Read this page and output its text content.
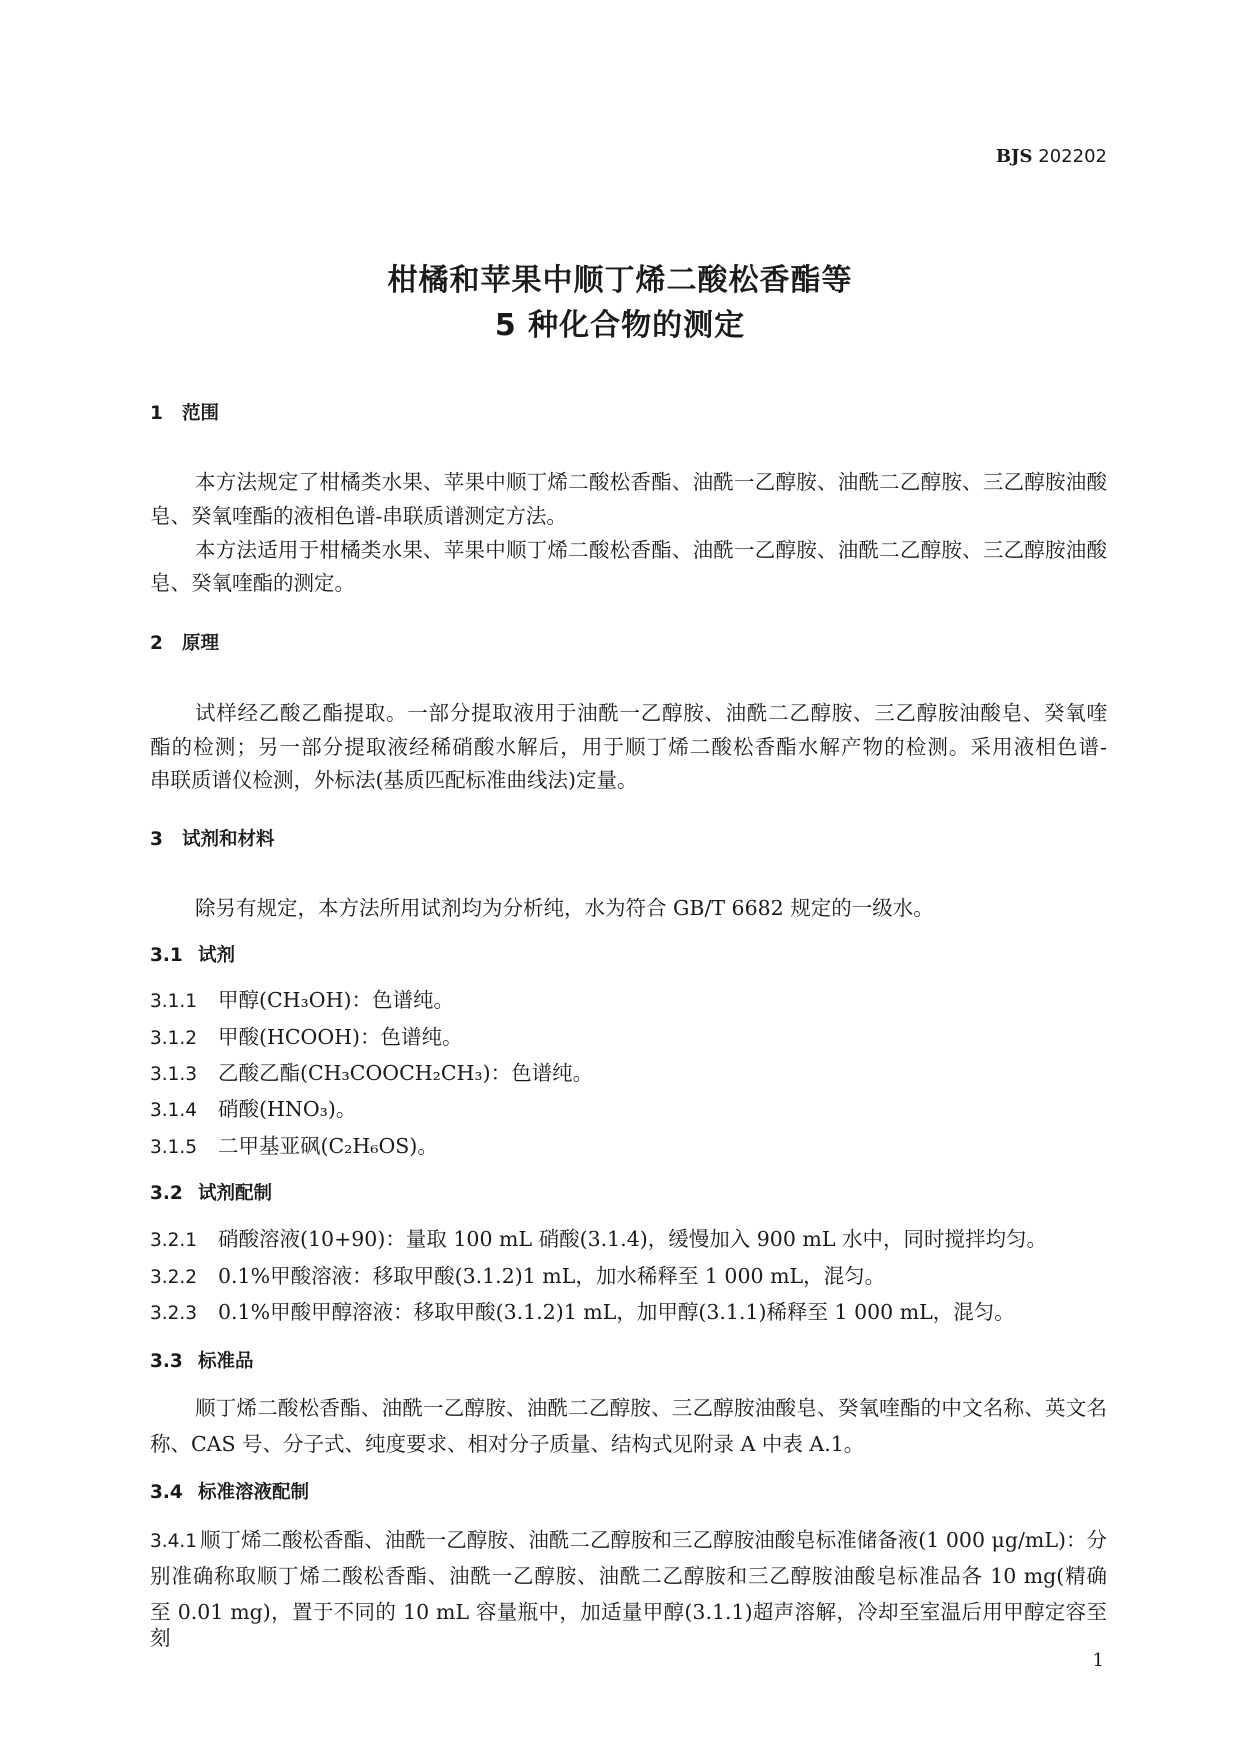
BJS 202202
柑橘和苹果中顺丁烯二酸松香酯等
5 种化合物的测定
1 范围
本方法规定了柑橘类水果、苹果中顺丁烯二酸松香酯、油酰一乙醇胺、油酰二乙醇胺、三乙醇胺油酸
皂、癸氧喹酯的液相色谱-串联质谱测定方法。
本方法适用于柑橘类水果、苹果中顺丁烯二酸松香酯、油酰一乙醇胺、油酰二乙醇胺、三乙醇胺油酸
皂、癸氧喹酯的测定。
2 原理
试样经乙酸乙酯提取。一部分提取液用于油酰一乙醇胺、油酰二乙醇胺、三乙醇胺油酸皂、癸氧喹
酯的检测；另一部分提取液经稀硝酸水解后，用于顺丁烯二酸松香酯水解产物的检测。采用液相色谱-
串联质谱仪检测，外标法(基质匹配标准曲线法)定量。
3 试剂和材料
除另有规定，本方法所用试剂均为分析纯，水为符合 GB/T 6682 规定的一级水。
3.1 试剂
3.1.1 甲醇(CH₃OH)：色谱纯。
3.1.2 甲酸(HCOOH)：色谱纯。
3.1.3 乙酸乙酯(CH₃COOCH₂CH₃)：色谱纯。
3.1.4 硝酸(HNO₃)。
3.1.5 二甲基亚砜(C₂H₆OS)。
3.2 试剂配制
3.2.1 硝酸溶液(10+90)：量取 100 mL 硝酸(3.1.4)，缓慢加入 900 mL 水中，同时搅拌均匀。
3.2.2 0.1%甲酸溶液：移取甲酸(3.1.2)1 mL，加水稀释至 1 000 mL，混匀。
3.2.3 0.1%甲酸甲醇溶液：移取甲酸(3.1.2)1 mL，加甲醇(3.1.1)稀释至 1 000 mL，混匀。
3.3 标准品
顺丁烯二酸松香酯、油酰一乙醇胺、油酰二乙醇胺、三乙醇胺油酸皂、癸氧喹酯的中文名称、英文名
称、CAS 号、分子式、纯度要求、相对分子质量、结构式见附录 A 中表 A.1。
3.4 标准溶液配制
3.4.1 顺丁烯二酸松香酯、油酰一乙醇胺、油酰二乙醇胺和三乙醇胺油酸皂标准储备液(1 000 μg/mL)：分
别准确称取顺丁烯二酸松香酯、油酰一乙醇胺、油酰二乙醇胺和三乙醇胺油酸皂标准品各 10 mg(精确
至 0.01 mg)，置于不同的 10 mL 容量瓶中，加适量甲醇(3.1.1)超声溶解，冷却至室温后用甲醇定容至刻
1
